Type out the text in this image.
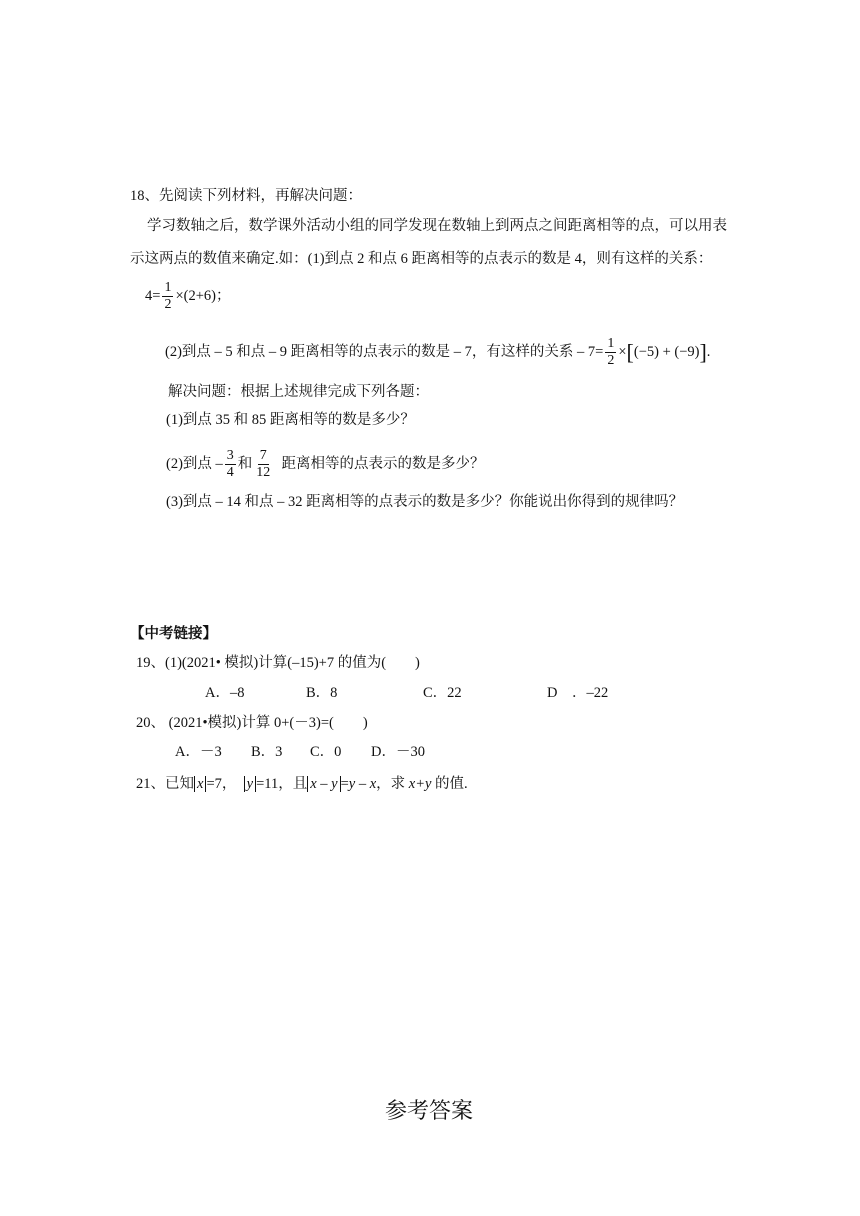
18、先阅读下列材料，再解决问题：
学习数轴之后，数学课外活动小组的同学发现在数轴上到两点之间距离相等的点，可以用表
示这两点的数值来确定.如：(1)到点 2 和点 6 距离相等的点表示的数是 4，则有这样的关系：
$4= \frac{1}{2} \times(2+6)$；
(2)到点 – 5 和点 – 9 距离相等的点表示的数是 – 7，有这样的关系 – $7= \frac{1}{2} \times[(-5) + (-9)]$.
解决问题：根据上述规律完成下列各题：
(1)到点 35 和 85 距离相等的数是多少？
(2)到点 – $\frac{3}{4}$ 和 $\frac{7}{12}$ 距离相等的点表示的数是多少？
(3)到点 – 14 和点 – 32 距离相等的点表示的数是多少？你能说出你得到的规律吗？
【中考链接】
19、(1)(2021• 模拟)计算(–15)+7 的值为(　　)
A．–8	B．8	C．22	D　．–22
20、 (2021•模拟)计算 0+(－3)=(　　)
A．－3 B．3 C．0 D．－30
21、已知 x =7， y =11，且 x – y =y – x，求 x+y 的值.
参考答案
